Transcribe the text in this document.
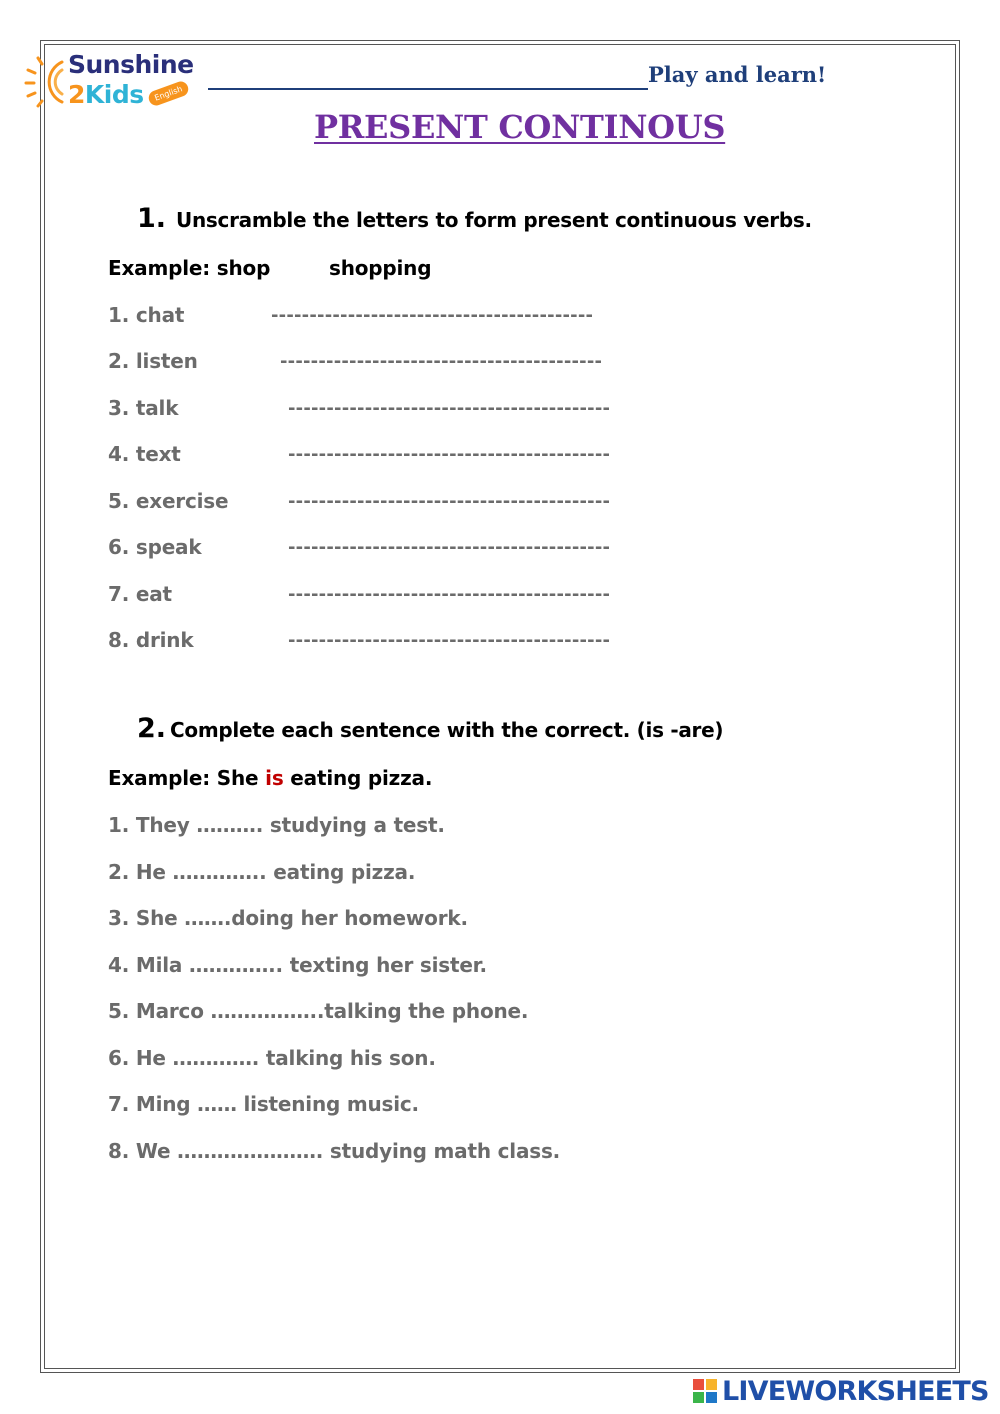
Sunshine
2Kids	English
Play and learn!
PRESENT CONTINOUS
1. Unscramble the letters to form present continuous verbs.
Example: shop	shopping
1. chat	------------------------------------------
2. listen	------------------------------------------
3. talk	------------------------------------------
4. text	------------------------------------------
5. exercise	------------------------------------------
6. speak	------------------------------------------
7. eat	------------------------------------------
8. drink	------------------------------------------
2. Complete each sentence with the correct. (is -are)
Example: She is eating pizza.
1. They ………. studying a test.
2. He ………….. eating pizza.
3. She …….doing her homework.
4. Mila ………….. texting her sister.
5. Marco ……………..talking the phone.
6. He …………. talking his son.
7. Ming …… listening music.
8. We …………………. studying math class.
LIVEWORKSHEETS
